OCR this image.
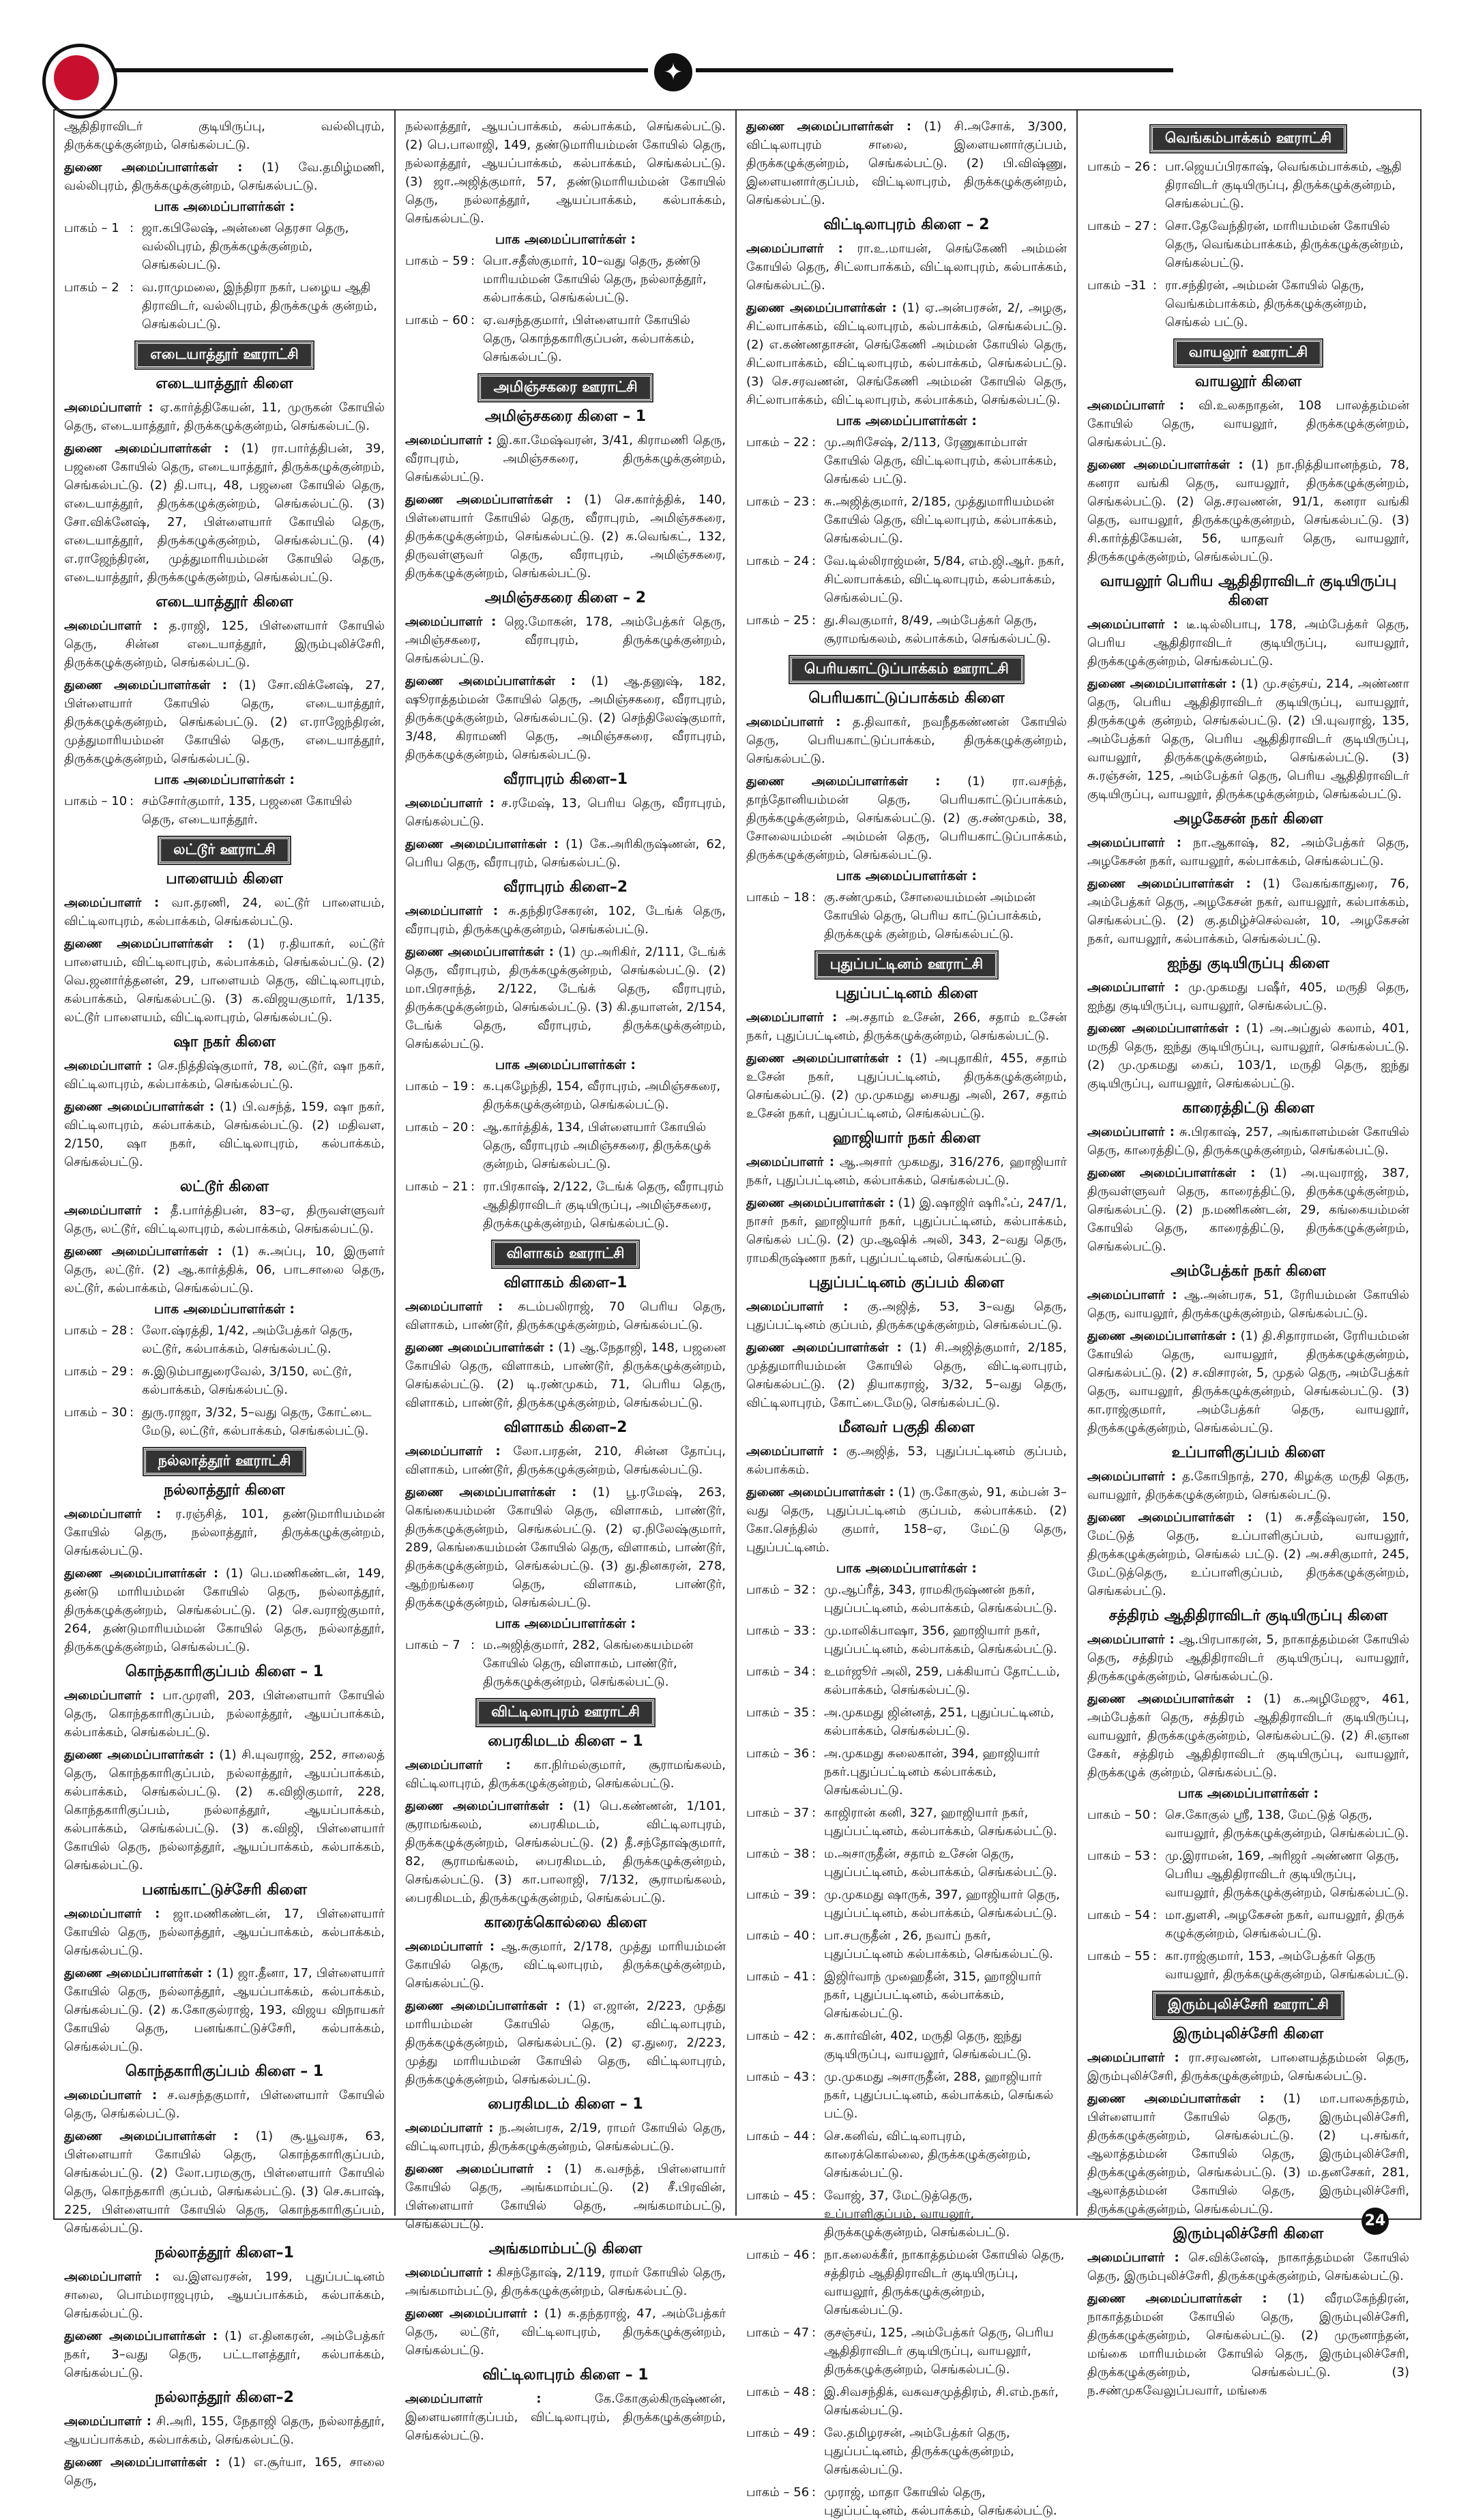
✦
ஆதிதிராவிடர் குடியிருப்பு, வல்லிபுரம், திருக்கழுக்குன்றம், செங்கல்பட்டு.
துணை அமைப்பாளர்கள் : (1) வே.தமிழ்மணி, வல்லிபுரம், திருக்கழுக்குன்றம், செங்கல்பட்டு.
பாக அமைப்பாளர்கள் :
பாகம் – 1 : ஜா.கபிலேஷ், அன்னை தெரசா தெரு, வல்லிபுரம், திருக்கழுக்குன்றம், செங்கல்பட்டு.
பாகம் – 2 : வ.ராமுமலை, இந்திரா நகர், பழைய ஆதி திராவிடர், வல்லிபுரம், திருக்கழுக் குன்றம், செங்கல்பட்டு.
எடையாத்தூர் ஊராட்சி
எடையாத்தூர் கிளை
அமைப்பாளர் : ஏ.கார்த்திகேயன், 11, முருகன் கோயில் தெரு, எடையாத்தூர், திருக்கழுக்குன்றம், செங்கல்பட்டு.
துணை அமைப்பாளர்கள் : (1) ரா.பார்த்திபன், 39, பஜனை கோயில் தெரு, எடையாத்தூர், திருக்கழுக்குன்றம், செங்கல்பட்டு. (2) தி.பாபு, 48, பஜனை கோயில் தெரு, எடையாத்தூர், திருக்கழுக்குன்றம், செங்கல்பட்டு. (3) சோ.விக்னேஷ், 27, பிள்ளையார் கோயில் தெரு, எடையாத்தூர், திருக்கழுக்குன்றம், செங்கல்பட்டு. (4) எ.ராஜேந்திரன், முத்துமாரியம்மன் கோயில் தெரு, எடையாத்தூர், திருக்கழுக்குன்றம், செங்கல்பட்டு.
எடையாத்தூர் கிளை
அமைப்பாளர் : த.ராஜி, 125, பிள்ளையார் கோயில் தெரு, சின்ன எடையாத்தூர், இரும்புலிச்சேரி, திருக்கழுக்குன்றம், செங்கல்பட்டு.
துணை அமைப்பாளர்கள் : (1) சோ.விக்னேஷ், 27, பிள்ளையார் கோயில் தெரு, எடையாத்தூர், திருக்கழுக்குன்றம், செங்கல்பட்டு. (2) எ.ராஜேந்திரன், முத்துமாரியம்மன் கோயில் தெரு, எடையாத்தூர், திருக்கழுக்குன்றம், செங்கல்பட்டு.
பாக அமைப்பாளர்கள் :
பாகம் – 10 : சம்சோர்குமார், 135, பஜனை கோயில் தெரு, எடையாத்தூர்.
லட்டூர் ஊராட்சி
பாளையம் கிளை
அமைப்பாளர் : வா.தரணி, 24, லட்டூர் பாளையம், விட்டிலாபுரம், கல்பாக்கம், செங்கல்பட்டு.
துணை அமைப்பாளர்கள் : (1) ர.தியாகர், லட்டூர் பாளையம், விட்டிலாபுரம், கல்பாக்கம், செங்கல்பட்டு. (2) வெ.ஜனார்த்தனன், 29, பாளையம் தெரு, விட்டிலாபுரம், கல்பாக்கம், செங்கல்பட்டு. (3) க.விஜயகுமார், 1/135, லட்டூர் பாளையம், விட்டிலாபுரம், செங்கல்பட்டு.
ஷா நகர் கிளை
அமைப்பாளர் : செ.நித்திஷ்குமார், 78, லட்டூர், ஷா நகர், விட்டிலாபுரம், கல்பாக்கம், செங்கல்பட்டு.
துணை அமைப்பாளர்கள் : (1) பி.வசந்த், 159, ஷா நகர், விட்டிலாபுரம், கல்பாக்கம், செங்கல்பட்டு. (2) மதிவள, 2/150, ஷா நகர், விட்டிலாபுரம், கல்பாக்கம், செங்கல்பட்டு.
லட்டூர் கிளை
அமைப்பாளர் : தீ.பார்த்திபன், 83–ஏ, திருவள்ளுவர் தெரு, லட்டூர், விட்டிலாபுரம், கல்பாக்கம், செங்கல்பட்டு.
துணை அமைப்பாளர்கள் : (1) சு.அப்பு, 10, இருளர் தெரு, லட்டூர். (2) ஆ.கார்த்திக், 06, பாடசாலை தெரு, லட்டூர், கல்பாக்கம், செங்கல்பட்டு.
பாக அமைப்பாளர்கள் :
பாகம் – 28 : லோ.ஷ்ரத்தி, 1/42, அம்பேத்கர் தெரு, லட்டூர், கல்பாக்கம், செங்கல்பட்டு.
பாகம் – 29 : சு.இடும்பாதுரைவேல், 3/150, லட்டூர், கல்பாக்கம், செங்கல்பட்டு.
பாகம் – 30 : துரு.ராஜா, 3/32, 5–வது தெரு, கோட்டை மேடு, லட்டூர், கல்பாக்கம், செங்கல்பட்டு.
நல்லாத்தூர் ஊராட்சி
நல்லாத்தூர் கிளை
அமைப்பாளர் : ர.ரஞ்சித், 101, தண்டுமாரியம்மன் கோயில் தெரு, நல்லாத்தூர், திருக்கழுக்குன்றம், செங்கல்பட்டு.
துணை அமைப்பாளர்கள் : (1) பெ.மணிகண்டன், 149, தண்டு மாரியம்மன் கோயில் தெரு, நல்லாத்தூர், திருக்கழுக்குன்றம், செங்கல்பட்டு. (2) செ.வராஜ்குமார், 264, தண்டுமாரியம்மன் கோயில் தெரு, நல்லாத்தூர், திருக்கழுக்குன்றம், செங்கல்பட்டு.
கொந்தகாரிகுப்பம் கிளை – 1
அமைப்பாளர் : பா.முரளி, 203, பிள்ளையார் கோயில் தெரு, கொந்தகாரிகுப்பம், நல்லாத்தூர், ஆயப்பாக்கம், கல்பாக்கம், செங்கல்பட்டு.
துணை அமைப்பாளர்கள் : (1) சி.யுவராஜ், 252, சாலைத் தெரு, கொந்தகாரிகுப்பம், நல்லாத்தூர், ஆயப்பாக்கம், கல்பாக்கம், செங்கல்பட்டு. (2) க.விஜிகுமார், 228, கொந்தகாரிகுப்பம், நல்லாத்தூர், ஆயப்பாக்கம், கல்பாக்கம், செங்கல்பட்டு. (3) க.விஜி, பிள்ளையார் கோயில் தெரு, நல்லாத்தூர், ஆயப்பாக்கம், கல்பாக்கம், செங்கல்பட்டு.
பனங்காட்டுச்சேரி கிளை
அமைப்பாளர் : ஜா.மணிகண்டன், 17, பிள்ளையார் கோயில் தெரு, நல்லாத்தூர், ஆயப்பாக்கம், கல்பாக்கம், செங்கல்பட்டு.
துணை அமைப்பாளர்கள் : (1) ஜா.தீனா, 17, பிள்ளையார் கோயில் தெரு, நல்லாத்தூர், ஆயப்பாக்கம், கல்பாக்கம், செங்கல்பட்டு. (2) க.கோகுல்ராஜ், 193, விஜய விநாயகர் கோயில் தெரு, பனங்காட்டுச்சேரி, கல்பாக்கம், செங்கல்பட்டு.
கொந்தகாரிகுப்பம் கிளை – 1
அமைப்பாளர் : ச.வசந்தகுமார், பிள்ளையார் கோயில் தெரு, செங்கல்பட்டு.
துணை அமைப்பாளர்கள் : (1) சூ.யூவரசு, 63, பிள்ளையார் கோயில் தெரு, கொந்தகாரிகுப்பம், செங்கல்பட்டு. (2) லோ.பரமகுரு, பிள்ளையார் கோயில் தெரு, கொந்தகாரி குப்பம், செங்கல்பட்டு. (3) செ.சுபாஷ், 225, பிள்ளையார் கோயில் தெரு, கொந்தகாரிகுப்பம், செங்கல்பட்டு.
நல்லாத்தூர் கிளை–1
அமைப்பாளர் : வ.இளவரசன், 199, புதுப்பட்டினம் சாலை, பொம்மராஜபுரம், ஆயப்பாக்கம், கல்பாக்கம், செங்கல்பட்டு.
துணை அமைப்பாளர்கள் : (1) எ.தினகரன், அம்பேத்கர் நகர், 3–வது தெரு, பட்டாளத்தூர், கல்பாக்கம், செங்கல்பட்டு.
நல்லாத்தூர் கிளை–2
அமைப்பாளர் : சி.அரி, 155, நேதாஜி தெரு, நல்லாத்தூர், ஆயப்பாக்கம், கல்பாக்கம், செங்கல்பட்டு.
துணை அமைப்பாளர்கள் : (1) எ.சூர்யா, 165, சாலை தெரு,
நல்லாத்தூர், ஆயப்பாக்கம், கல்பாக்கம், செங்கல்பட்டு. (2) பெ.பாலாஜி, 149, தண்டுமாரியம்மன் கோயில் தெரு, நல்லாத்தூர், ஆயப்பாக்கம், கல்பாக்கம், செங்கல்பட்டு. (3) ஜா.அஜித்குமார், 57, தண்டுமாரியம்மன் கோயில் தெரு, நல்லாத்தூர், ஆயப்பாக்கம், கல்பாக்கம், செங்கல்பட்டு.
பாக அமைப்பாளர்கள் :
பாகம் – 59 : பொ.சதீஸ்குமார், 10–வது தெரு, தண்டு மாரியம்மன் கோயில் தெரு, நல்லாத்தூர், கல்பாக்கம், செங்கல்பட்டு.
பாகம் – 60 : ஏ.வசந்தகுமார், பிள்ளையார் கோயில் தெரு, கொந்தகாரிகுப்பன், கல்பாக்கம், செங்கல்பட்டு.
அமிஞ்சகரை ஊராட்சி
அமிஞ்சகரை கிளை – 1
அமைப்பாளர் : இ.கா.மேஷ்வரன், 3/41, கிராமணி தெரு, வீராபுரம், அமிஞ்சகரை, திருக்கழுக்குன்றம், செங்கல்பட்டு.
துணை அமைப்பாளர்கள் : (1) செ.கார்த்திக், 140, பிள்ளையார் கோயில் தெரு, வீராபுரம், அமிஞ்சகரை, திருக்கழுக்குன்றம், செங்கல்பட்டு. (2) க.வெங்கட், 132, திருவள்ளுவர் தெரு, வீராபுரம், அமிஞ்சகரை, திருக்கழுக்குன்றம், செங்கல்பட்டு.
அமிஞ்சகரை கிளை – 2
அமைப்பாளர் : ஜெ.மோகன், 178, அம்பேத்கர் தெரு, அமிஞ்சகரை, வீராபுரம், திருக்கழுக்குன்றம், செங்கல்பட்டு.
துணை அமைப்பாளர்கள் : (1) ஆ.தனுஷ், 182, ஷூராத்தம்மன் கோயில் தெரு, அமிஞ்சகரை, வீராபுரம், திருக்கழுக்குன்றம், செங்கல்பட்டு. (2) செந்திலேஷ்குமார், 3/48, கிராமணி தெரு, அமிஞ்சகரை, வீராபுரம், திருக்கழுக்குன்றம், செங்கல்பட்டு.
வீராபுரம் கிளை–1
அமைப்பாளர் : ச.ரமேஷ், 13, பெரிய தெரு, வீராபுரம், செங்கல்பட்டு.
துணை அமைப்பாளர்கள் : (1) கே.அரிகிருஷ்ணன், 62, பெரிய தெரு, வீராபுரம், செங்கல்பட்டு.
வீராபுரம் கிளை–2
அமைப்பாளர் : சு.தந்திரசேகரன், 102, டேங்க் தெரு, வீராபுரம், திருக்கழுக்குன்றம், செங்கல்பட்டு.
துணை அமைப்பாளர்கள் : (1) மு.அரிகிர், 2/111, டேங்க் தெரு, வீராபுரம், திருக்கழுக்குன்றம், செங்கல்பட்டு. (2) மா.பிரசாந்த், 2/122, டேங்க் தெரு, வீராபுரம், திருக்கழுக்குன்றம், செங்கல்பட்டு. (3) கி.தயாளன், 2/154, டேங்க் தெரு, வீராபுரம், திருக்கழுக்குன்றம், செங்கல்பட்டு.
பாக அமைப்பாளர்கள் :
பாகம் – 19 : க.புகழேந்தி, 154, வீராபுரம், அமிஞ்சகரை, திருக்கழுக்குன்றம், செங்கல்பட்டு.
பாகம் – 20 : ஆ.கார்த்திக், 134, பிள்ளையார் கோயில் தெரு, வீராபுரம் அமிஞ்சகரை, திருக்கழுக் குன்றம், செங்கல்பட்டு.
பாகம் – 21 : ரா.பிரகாஷ், 2/122, டேங்க் தெரு, வீராபுரம் ஆதிதிராவிடர் குடியிருப்பு, அமிஞ்சகரை, திருக்கழுக்குன்றம், செங்கல்பட்டு.
விளாகம் ஊராட்சி
விளாகம் கிளை–1
அமைப்பாளர் : கடம்பலிராஜ், 70 பெரிய தெரு, விளாகம், பாண்டூர், திருக்கழுக்குன்றம், செங்கல்பட்டு.
துணை அமைப்பாளர்கள் : (1) ஆ.நேதாஜி, 148, பஜனை கோயில் தெரு, விளாகம், பாண்டூர், திருக்கழுக்குன்றம், செங்கல்பட்டு. (2) டி.ரண்முகம், 71, பெரிய தெரு, விளாகம், பாண்டூர், திருக்கழுக்குன்றம், செங்கல்பட்டு.
விளாகம் கிளை–2
அமைப்பாளர் : லோ.பரதன், 210, சின்ன தோப்பு, விளாகம், பாண்டூர், திருக்கழுக்குன்றம், செங்கல்பட்டு.
துணை அமைப்பாளர்கள் : (1) பூ.ரமேஷ், 263, கெங்கையம்மன் கோயில் தெரு, விளாகம், பாண்டூர், திருக்கழுக்குன்றம், செங்கல்பட்டு. (2) ஏ.நிலேஷ்குமார், 289, கெங்கையம்மன் கோயில் தெரு, விளாகம், பாண்டூர், திருக்கழுக்குன்றம், செங்கல்பட்டு. (3) து.தினகரன், 278, ஆற்றங்கரை தெரு, விளாகம், பாண்டூர், திருக்கழுக்குன்றம், செங்கல்பட்டு.
பாக அமைப்பாளர்கள் :
பாகம் – 7 : ம.அஜித்குமார், 282, கெங்கையம்மன் கோயில் தெரு, விளாகம், பாண்டூர், திருக்கழுக்குன்றம், செங்கல்பட்டு.
விட்டிலாபுரம் ஊராட்சி
பைரகிமடம் கிளை – 1
அமைப்பாளர் : கா.நிர்மல்குமார், சூராமங்கலம், விட்டிலாபுரம், திருக்கழுக்குன்றம், செங்கல்பட்டு.
துணை அமைப்பாளர்கள் : (1) பெ.கண்ணன், 1/101, சூராமங்கலம், பைரகிமடம், விட்டிலாபுரம், திருக்கழுக்குன்றம், செங்கல்பட்டு. (2) தீ.சந்தோஷ்குமார், 82, சூராமங்கலம், பைரகிமடம், திருக்கழுக்குன்றம், செங்கல்பட்டு. (3) கா.பாலாஜி, 7/132, சூராமங்கலம், பைரகிமடம், திருக்கழுக்குன்றம், செங்கல்பட்டு.
காரைக்கொல்லை கிளை
அமைப்பாளர் : ஆ.சுகுமார், 2/178, முத்து மாரியம்மன் கோயில் தெரு, விட்டிலாபுரம், திருக்கழுக்குன்றம், செங்கல்பட்டு.
துணை அமைப்பாளர்கள் : (1) எ.ஜான், 2/223, முத்து மாரியம்மன் கோயில் தெரு, விட்டிலாபுரம், திருக்கழுக்குன்றம், செங்கல்பட்டு. (2) ஏ.துரை, 2/223, முத்து மாரியம்மன் கோயில் தெரு, விட்டிலாபுரம், திருக்கழுக்குன்றம், செங்கல்பட்டு.
பைரகிமடம் கிளை – 1
அமைப்பாளர் : ந.அன்பரசு, 2/19, ராமர் கோயில் தெரு, விட்டிலாபுரம், திருக்கழுக்குன்றம், செங்கல்பட்டு.
துணை அமைப்பாளர் : (1) க.வசந்த், பிள்ளையார் கோயில் தெரு, அங்கமாம்பட்டு. (2) சீ.பிரவின், பிள்ளையார் கோயில் தெரு, அங்கமாம்பட்டு, செங்கல்பட்டு.
அங்கமாம்பட்டு கிளை
அமைப்பாளர் : கிசந்தோஷ், 2/119, ராமர் கோயில் தெரு, அங்கமாம்பட்டு, திருக்கழுக்குன்றம், செங்கல்பட்டு.
துணை அமைப்பாளர் : (1) சு.தந்தராஜ், 47, அம்பேத்கர் தெரு, லட்டூர், விட்டிலாபுரம், திருக்கழுக்குன்றம், செங்கல்பட்டு.
விட்டிலாபுரம் கிளை – 1
அமைப்பாளர் :	கே.கோகுல்கிருஷ்ணன், இளையனார்குப்பம், விட்டிலாபுரம், திருக்கழுக்குன்றம், செங்கல்பட்டு.
துணை அமைப்பாளர்கள் : (1) சி.அசோக், 3/300, விட்டிலாபுரம் சாலை, இளையனார்குப்பம், திருக்கழுக்குன்றம், செங்கல்பட்டு. (2) பி.விஷ்ணு, இளையனார்குப்பம், விட்டிலாபுரம், திருக்கழுக்குன்றம், செங்கல்பட்டு.
விட்டிலாபுரம் கிளை – 2
அமைப்பாளர் : ரா.உ.மாயன், செங்கேணி அம்மன் கோயில் தெரு, சிட்லாபாக்கம், விட்டிலாபுரம், கல்பாக்கம், செங்கல்பட்டு.
துணை அமைப்பாளர்கள் : (1) ஏ.அன்பரசன், 2/, அழகு, சிட்லாபாக்கம், விட்டிலாபுரம், கல்பாக்கம், செங்கல்பட்டு. (2) எ.கண்ணதாசன், செங்கேணி அம்மன் கோயில் தெரு, சிட்லாபாக்கம், விட்டிலாபுரம், கல்பாக்கம், செங்கல்பட்டு. (3) செ.சரவணன், செங்கேணி அம்மன் கோயில் தெரு, சிட்லாபாக்கம், விட்டிலாபுரம், கல்பாக்கம், செங்கல்பட்டு.
பாக அமைப்பாளர்கள் :
பாகம் – 22 : மு.அரிசேஷ், 2/113, ரேணுகாம்பாள் கோயில் தெரு, விட்டிலாபுரம், கல்பாக்கம், செங்கல் பட்டு.
பாகம் – 23 : சு.அஜித்குமார், 2/185, முத்துமாரியம்மன் கோயில் தெரு, விட்டிலாபுரம், கல்பாக்கம், செங்கல்பட்டு.
பாகம் – 24 : வே.டில்லிராஜ்மன், 5/84, எம்.ஜி.ஆர். நகர், சிட்லாபாக்கம், விட்டிலாபுரம், கல்பாக்கம், செங்கல்பட்டு.
பாகம் – 25 : து.சிவகுமார், 8/49, அம்பேத்கர் தெரு, சூராமங்கலம், கல்பாக்கம், செங்கல்பட்டு.
பெரியகாட்டுப்பாக்கம் ஊராட்சி
பெரியகாட்டுப்பாக்கம் கிளை
அமைப்பாளர் : த.திவாகர், நவநீதகண்ணன் கோயில் தெரு, பெரியகாட்டுப்பாக்கம், திருக்கழுக்குன்றம், செங்கல்பட்டு.
துணை அமைப்பாளர்கள் : (1) ரா.வசந்த், தாந்தோனியம்மன் தெரு, பெரியகாட்டுப்பாக்கம், திருக்கழுக்குன்றம், செங்கல்பட்டு. (2) கு.சண்முகம், 38, சோலையம்மன் அம்மன் தெரு, பெரியகாட்டுப்பாக்கம், திருக்கழுக்குன்றம், செங்கல்பட்டு.
பாக அமைப்பாளர்கள் :
பாகம் – 18 : கு.சண்முகம், சோலையம்மன் அம்மன் கோயில் தெரு, பெரிய காட்டுப்பாக்கம், திருக்கழுக் குன்றம், செங்கல்பட்டு.
புதுப்பட்டினம் ஊராட்சி
புதுப்பட்டினம் கிளை
அமைப்பாளர் : அ.சதாம் உசேன், 266, சதாம் உசேன் நகர், புதுப்பட்டினம், திருக்கழுக்குன்றம், செங்கல்பட்டு.
துணை அமைப்பாளர்கள் : (1) அபுதாகிர், 455, சதாம் உசேன் நகர், புதுப்பட்டினம், திருக்கழுக்குன்றம், செங்கல்பட்டு. (2) மு.முகமது சையது அலி, 267, சதாம் உசேன் நகர், புதுப்பட்டினம், செங்கல்பட்டு.
ஹாஜியார் நகர் கிளை
அமைப்பாளர் : ஆ.அசார் முகமது, 316/276, ஹாஜியார் நகர், புதுப்பட்டினம், கல்பாக்கம், செங்கல்பட்டு.
துணை அமைப்பாளர்கள் : (1) இ.ஷாஜிர் ஷரிஃப், 247/1, நாசர் நகர், ஹாஜியார் நகர், புதுப்பட்டினம், கல்பாக்கம், செங்கல் பட்டு. (2) மு.ஆஷிக் அலி, 343, 2–வது தெரு, ராமகிருஷ்ணா நகர், புதுப்பட்டினம், செங்கல்பட்டு.
புதுப்பட்டினம் குப்பம் கிளை
அமைப்பாளர் : கு.அஜித், 53, 3–வது தெரு, புதுப்பட்டினம் குப்பம், திருக்கழுக்குன்றம், செங்கல்பட்டு.
துணை அமைப்பாளர்கள் : (1) சி.அஜித்குமார், 2/185, முத்துமாரியம்மன் கோயில் தெரு, விட்டிலாபுரம், செங்கல்பட்டு. (2) தியாகராஜ், 3/32, 5–வது தெரு, விட்டிலாபுரம், கோட்டைமேடு, செங்கல்பட்டு.
மீனவர் பகுதி கிளை
அமைப்பாளர் : கு.அஜித், 53, புதுப்பட்டினம் குப்பம், கல்பாக்கம்.
துணை அமைப்பாளர்கள் : (1) ரு.கோகுல், 91, கம்பன் 3–வது தெரு, புதுப்பட்டினம் குப்பம், கல்பாக்கம். (2) கோ.செந்தில் குமார், 158–ஏ, மேட்டு தெரு, புதுப்பட்டினம்.
பாக அமைப்பாளர்கள் :
பாகம் – 32 : மு.ஆப்ரீத், 343, ராமகிருஷ்ணன் நகர், புதுப்பட்டினம், கல்பாக்கம், செங்கல்பட்டு.
பாகம் – 33 : மு.மாலிக்பாஷா, 356, ஹாஜியார் நகர், புதுப்பட்டினம், கல்பாக்கம், செங்கல்பட்டு.
பாகம் – 34 : உமர்ஜூர் அலி, 259, பக்கியாப் தோட்டம், கல்பாக்கம், செங்கல்பட்டு.
பாகம் – 35 : அ.முகமது ஜின்னத், 251, புதுப்பட்டினம், கல்பாக்கம், செங்கல்பட்டு.
பாகம் – 36 : அ.முகமது சுலைகான், 394, ஹாஜியார் நகர்.புதுப்பட்டினம் கல்பாக்கம், செங்கல்பட்டு.
பாகம் – 37 : காஜிரான் கனி, 327, ஹாஜியார் நகர், புதுப்பட்டினம், கல்பாக்கம், செங்கல்பட்டு.
பாகம் – 38 : ம.அசாருதீன், சதாம் உசேன் தெரு, புதுப்பட்டினம், கல்பாக்கம், செங்கல்பட்டு.
பாகம் – 39 : மு.முகமது ஷாருக், 397, ஹாஜியார் தெரு, புதுப்பட்டினம், கல்பாக்கம், செங்கல்பட்டு.
பாகம் – 40 : பா.சபருதீன் , 26, நவாப் நகர், புதுப்பட்டினம் கல்பாக்கம், செங்கல்பட்டு.
பாகம் – 41 : இஜிர்வாந் முஹைதீன், 315, ஹாஜியார் நகர், புதுப்பட்டினம், கல்பாக்கம், செங்கல்பட்டு.
பாகம் – 42 : சு.கார்வின், 402, மருதி தெரு, ஐந்து குடியிருப்பு, வாயலூர், செங்கல்பட்டு.
பாகம் – 43 : மு.முகமது அசாருதீன், 288, ஹாஜியார் நகர், புதுப்பட்டினம், கல்பாக்கம், செங்கல் பட்டு.
பாகம் – 44 : செ.கனிவ், விட்டிலாபுரம், காரைக்கொல்லை, திருக்கழுக்குன்றம், செங்கல்பட்டு.
பாகம் – 45 : வோஜ், 37, மேட்டுத்தெரு, உப்பாளிகுப்பம், வாயலூர், திருக்கழுக்குன்றம், செங்கல்பட்டு.
பாகம் – 46 : நா.கலைக்கீர், நாகாத்தம்மன் கோயில் தெரு, சத்திரம் ஆதிதிராவிடர் குடியிருப்பு, வாயலூர், திருக்கழுக்குன்றம், செங்கல்பட்டு.
பாகம் – 47 : குசஞ்சய், 125, அம்பேத்கர் தெரு, பெரிய ஆதிதிராவிடர் குடியிருப்பு, வாயலூர், திருக்கழுக்குன்றம், செங்கல்பட்டு.
பாகம் – 48 : இ.சிவசந்திக், வசுவசமுத்திரம், சி.எம்.நகர், செங்கல்பட்டு.
பாகம் – 49 : லே.தமிழரசன், அம்பேத்கர் தெரு, புதுப்பட்டினம், திருக்கழுக்குன்றம், செங்கல்பட்டு.
பாகம் – 56 : முராஜ், மாதா கோயில் தெரு, புதுப்பட்டினம், கல்பாக்கம், செங்கல்பட்டு.
வெங்கம்பாக்கம் ஊராட்சி
பாகம் – 26 : பா.ஜெயப்பிரகாஷ், வெங்கம்பாக்கம், ஆதி திராவிடர் குடியிருப்பு, திருக்கழுக்குன்றம், செங்கல்பட்டு.
பாகம் – 27 : சொ.தேவேந்திரன், மாரியம்மன் கோயில் தெரு, வெங்கம்பாக்கம், திருக்கழுக்குன்றம், செங்கல்பட்டு.
பாகம் –31 : ரா.சந்திரன், அம்மன் கோயில் தெரு, வெங்கம்பாக்கம், திருக்கழுக்குன்றம், செங்கல் பட்டு.
வாயலூர் ஊராட்சி
வாயலூர் கிளை
அமைப்பாளர் : வி.உலகநாதன், 108 பாலத்தம்மன் கோயில் தெரு, வாயலூர், திருக்கழுக்குன்றம், செங்கல்பட்டு.
துணை அமைப்பாளர்கள் : (1) நா.நித்தியானந்தம், 78, கனரா வங்கி தெரு, வாயலூர், திருக்கழுக்குன்றம், செங்கல்பட்டு. (2) தெ.சரவணன், 91/1, கனரா வங்கி தெரு, வாயலூர், திருக்கழுக்குன்றம், செங்கல்பட்டு. (3) சி.கார்த்திகேயன், 56, யாதவர் தெரு, வாயலூர், திருக்கழுக்குன்றம், செங்கல்பட்டு.
வாயலூர் பெரிய ஆதிதிராவிடர் குடியிருப்பு கிளை
அமைப்பாளர் : டீ.டில்லிபாபு, 178, அம்பேத்கர் தெரு, பெரிய ஆதிதிராவிடர் குடியிருப்பு, வாயலூர், திருக்கழுக்குன்றம், செங்கல்பட்டு.
துணை அமைப்பாளர்கள் : (1) மு.சஞ்சய், 214, அண்ணா தெரு, பெரிய ஆதிதிராவிடர் குடியிருப்பு, வாயலூர், திருக்கழுக் குன்றம், செங்கல்பட்டு. (2) பி.யுவராஜ், 135, அம்பேத்கர் தெரு, பெரிய ஆதிதிராவிடர் குடியிருப்பு, வாயலூர், திருக்கழுக்குன்றம், செங்கல்பட்டு. (3) சு.ரஞ்சன், 125, அம்பேத்கர் தெரு, பெரிய ஆதிதிராவிடர் குடியிருப்பு, வாயலூர், திருக்கழுக்குன்றம், செங்கல்பட்டு.
அழகேசன் நகர் கிளை
அமைப்பாளர் : நா.ஆகாஷ், 82, அம்பேத்கர் தெரு, அழகேசன் நகர், வாயலூர், கல்பாக்கம், செங்கல்பட்டு.
துணை அமைப்பாளர்கள் : (1) வேகங்காதுரை, 76, அம்பேத்கர் தெரு, அழகேசன் நகர், வாயலூர், கல்பாக்கம், செங்கல்பட்டு. (2) கு.தமிழ்ச்செல்வன், 10, அழகேசன் நகர், வாயலூர், கல்பாக்கம், செங்கல்பட்டு.
ஐந்து குடியிருப்பு கிளை
அமைப்பாளர் : மு.முகமது பஷீர், 405, மருதி தெரு, ஐந்து குடியிருப்பு, வாயலூர், செங்கல்பட்டு.
துணை அமைப்பாளர்கள் : (1) அ.அப்துல் கலாம், 401, மருதி தெரு, ஐந்து குடியிருப்பு, வாயலூர், செங்கல்பட்டு. (2) மு.முகமது கைப், 103/1, மருதி தெரு, ஐந்து குடியிருப்பு, வாயலூர், செங்கல்பட்டு.
காரைத்திட்டு கிளை
அமைப்பாளர் : சு.பிரகாஷ், 257, அங்காளம்மன் கோயில் தெரு, காரைத்திட்டு, திருக்கழுக்குன்றம், செங்கல்பட்டு.
துணை அமைப்பாளர்கள் : (1) அ.யுவராஜ், 387, திருவள்ளுவர் தெரு, காரைத்திட்டு, திருக்கழுக்குன்றம், செங்கல்பட்டு. (2) ந.மணிகண்டன், 29, கங்கையம்மன் கோயில் தெரு, காரைத்திட்டு, திருக்கழுக்குன்றம், செங்கல்பட்டு.
அம்பேத்கர் நகர் கிளை
அமைப்பாளர் : ஆ.அன்பரசு, 51, ரேரியம்மன் கோயில் தெரு, வாயலூர், திருக்கழுக்குன்றம், செங்கல்பட்டு.
துணை அமைப்பாளர்கள் : (1) தி.சிதாராமன், ரேரியம்மன் கோயில் தெரு, வாயலூர், திருக்கழுக்குன்றம், செங்கல்பட்டு. (2) ச.விசாரன், 5, முதல் தெரு, அம்பேத்கர் தெரு, வாயலூர், திருக்கழுக்குன்றம், செங்கல்பட்டு. (3) கா.ராஜ்குமார், அம்பேத்கர் தெரு, வாயலூர், திருக்கழுக்குன்றம், செங்கல்பட்டு.
உப்பாளிகுப்பம் கிளை
அமைப்பாளர் : த.கோபிநாத், 270, கிழக்கு மருதி தெரு, வாயலூர், திருக்கழுக்குன்றம், செங்கல்பட்டு.
துணை அமைப்பாளர்கள் : (1) சு.சதீஷ்வரன், 150, மேட்டுத் தெரு, உப்பாளிகுப்பம், வாயலூர், திருக்கழுக்குன்றம், செங்கல் பட்டு. (2) அ.சசிகுமார், 245, மேட்டுத்தெரு, உப்பாளிகுப்பம், திருக்கழுக்குன்றம், செங்கல்பட்டு.
சத்திரம் ஆதிதிராவிடர் குடியிருப்பு கிளை
அமைப்பாளர் : ஆ.பிரபாகரன், 5, நாகாத்தம்மன் கோயில் தெரு, சத்திரம் ஆதிதிராவிடர் குடியிருப்பு, வாயலூர், திருக்கழுக்குன்றம், செங்கல்பட்டு.
துணை அமைப்பாளர்கள் : (1) க.அழிமேஜு, 461, அம்பேத்கர் தெரு, சத்திரம் ஆதிதிராவிடர் குடியிருப்பு, வாயலூர், திருக்கழுக்குன்றம், செங்கல்பட்டு. (2) சி.ஞான சேகர், சத்திரம் ஆதிதிராவிடர் குடியிருப்பு, வாயலூர், திருக்கழுக் குன்றம், செங்கல்பட்டு.
பாக அமைப்பாளர்கள் :
பாகம் – 50 : செ.கோகுல் ஸ்ரீ, 138, மேட்டுத் தெரு, வாயலூர், திருக்கழுக்குன்றம், செங்கல்பட்டு.
பாகம் – 53 : மு.இராமன், 169, அரிஜர் அண்ணா தெரு, பெரிய ஆதிதிராவிடர் குடியிருப்பு, வாயலூர், திருக்கழுக்குன்றம், செங்கல்பட்டு.
பாகம் – 54 : மா.துளசி, அழகேசன் நகர், வாயலூர், திருக் கழுக்குன்றம், செங்கல்பட்டு.
பாகம் – 55 : கா.ராஜ்குமார், 153, அம்பேத்கர் தெரு வாயலூர், திருக்கழுக்குன்றம், செங்கல்பட்டு.
இரும்புலிச்சேரி ஊராட்சி
இரும்புலிச்சேரி கிளை
அமைப்பாளர் : ரா.சரவணன், பாளையத்தம்மன் தெரு, இரும்புலிச்சேரி, திருக்கழுக்குன்றம், செங்கல்பட்டு.
துணை அமைப்பாளர்கள் : (1) மா.பாலசுந்தரம், பிள்ளையார் கோயில் தெரு, இரும்புலிச்சேரி, திருக்கழுக்குன்றம், செங்கல்பட்டு. (2) பு.சங்கர், ஆலாத்தம்மன் கோயில் தெரு, இரும்புலிச்சேரி, திருக்கழுக்குன்றம், செங்கல்பட்டு. (3) ம.தனசேகர், 281, ஆலாத்தம்மன் கோயில் தெரு, இரும்புலிச்சேரி, திருக்கழுக்குன்றம், செங்கல்பட்டு.
இரும்புலிச்சேரி கிளை
அமைப்பாளர் : செ.விக்னேஷ், நாகாத்தம்மன் கோயில் தெரு, இரும்புலிச்சேரி, திருக்கழுக்குன்றம், செங்கல்பட்டு.
துணை அமைப்பாளர்கள் : (1) வீரமகேந்திரன், நாகாத்தம்மன் கோயில் தெரு, இரும்புலிச்சேரி, திருக்கழுக்குன்றம், செங்கல்பட்டு. (2) முருனாந்தன், மங்கை மாரியம்மன் கோயில் தெரு, இரும்புலிச்சேரி, திருக்கழுக்குன்றம், செங்கல்பட்டு. (3) ந.சண்முகவேலுப்பவார், மங்கை
24
